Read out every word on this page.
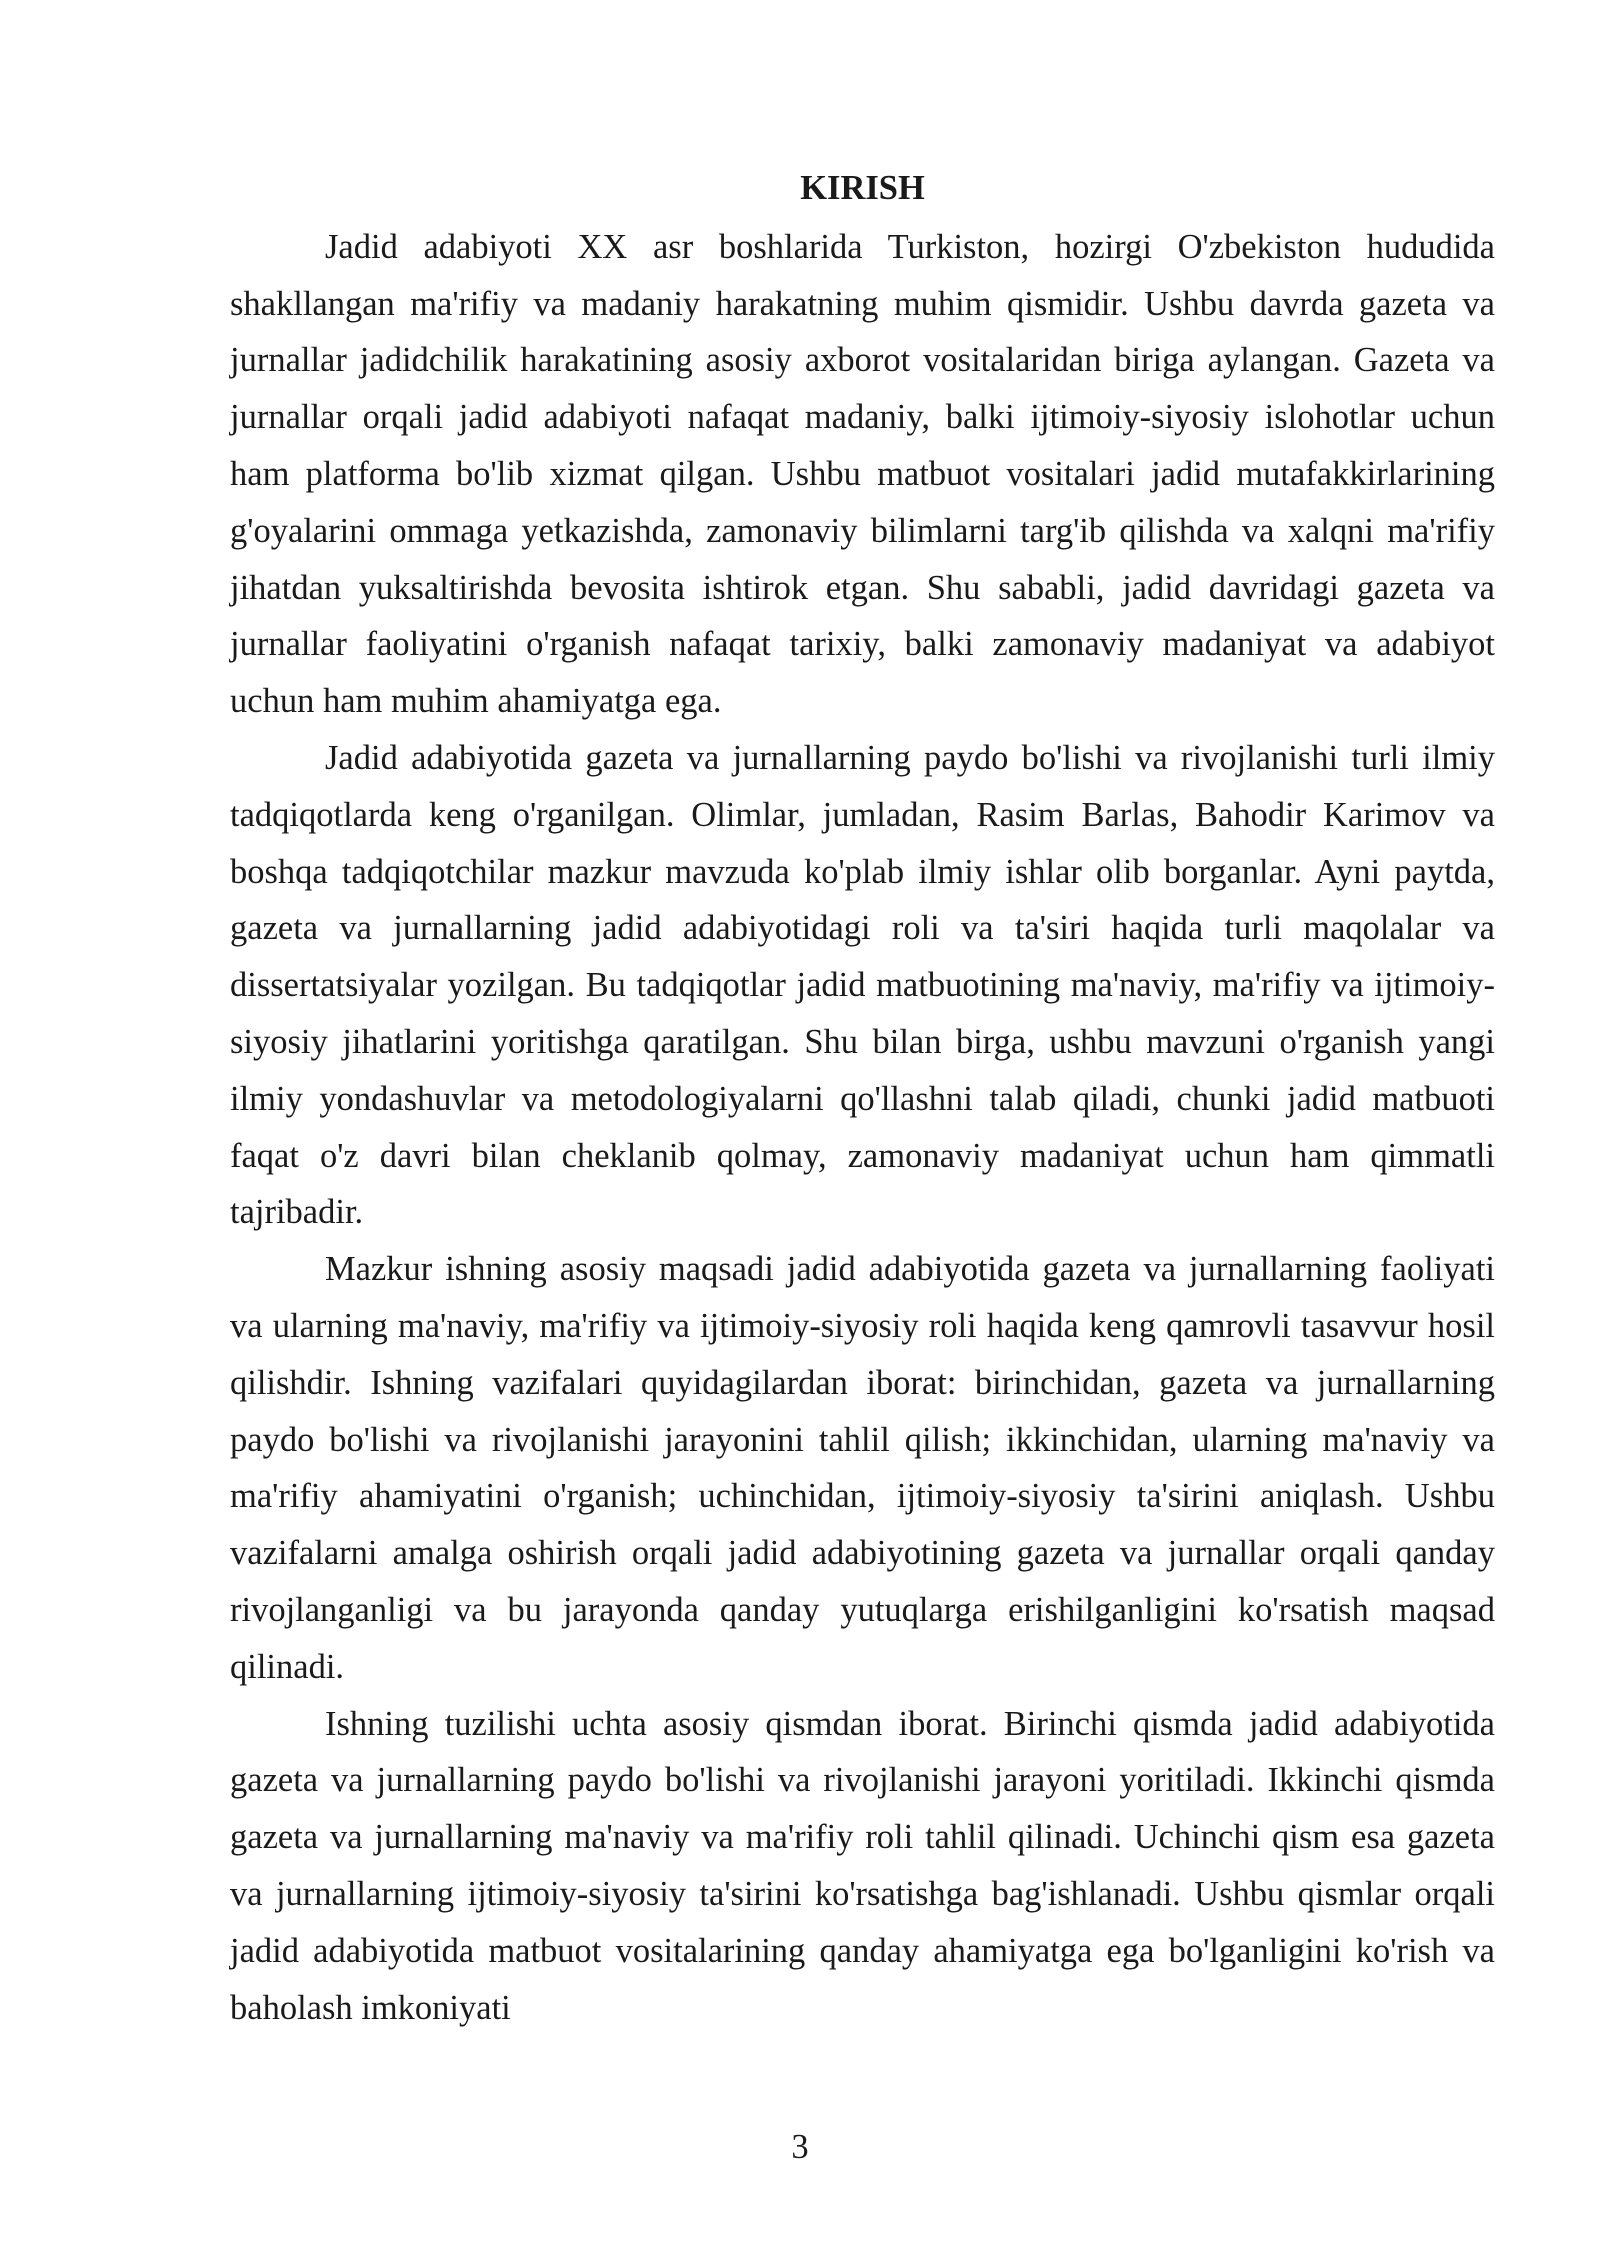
KIRISH

Jadid adabiyoti XX asr boshlarida Turkiston, hozirgi O'zbekiston hududida shakllangan ma'rifiy va madaniy harakatning muhim qismidir. Ushbu davrda gazeta va jurnallar jadidchilik harakatining asosiy axborot vositalaridan biriga aylangan. Gazeta va jurnallar orqali jadid adabiyoti nafaqat madaniy, balki ijtimoiy-siyosiy islohotlar uchun ham platforma bo'lib xizmat qilgan. Ushbu matbuot vositalari jadid mutafakkirlarining g'oyalarini ommaga yetkazishda, zamonaviy bilimlarni targ'ib qilishda va xalqni ma'rifiy jihatdan yuksaltirishda bevosita ishtirok etgan. Shu sababli, jadid davridagi gazeta va jurnallar faoliyatini o'rganish nafaqat tarixiy, balki zamonaviy madaniyat va adabiyot uchun ham muhim ahamiyatga ega.

Jadid adabiyotida gazeta va jurnallarning paydo bo'lishi va rivojlanishi turli ilmiy tadqiqotlarda keng o'rganilgan. Olimlar, jumladan, Rasim Barlas, Bahodir Karimov va boshqa tadqiqotchilar mazkur mavzuda ko'plab ilmiy ishlar olib borganlar. Ayni paytda, gazeta va jurnallarning jadid adabiyotidagi roli va ta'siri haqida turli maqolalar va dissertatsiyalar yozilgan. Bu tadqiqotlar jadid matbuotining ma'naviy, ma'rifiy va ijtimoiy-siyosiy jihatlarini yoritishga qaratilgan. Shu bilan birga, ushbu mavzuni o'rganish yangi ilmiy yondashuvlar va metodologiyalarni qo'llashni talab qiladi, chunki jadid matbuoti faqat o'z davri bilan cheklanib qolmay, zamonaviy madaniyat uchun ham qimmatli tajribadir.

Mazkur ishning asosiy maqsadi jadid adabiyotida gazeta va jurnallarning faoliyati va ularning ma'naviy, ma'rifiy va ijtimoiy-siyosiy roli haqida keng qamrovli tasavvur hosil qilishdir. Ishning vazifalari quyidagilardan iborat: birinchidan, gazeta va jurnallarning paydo bo'lishi va rivojlanishi jarayonini tahlil qilish; ikkinchidan, ularning ma'naviy va ma'rifiy ahamiyatini o'rganish; uchinchidan, ijtimoiy-siyosiy ta'sirini aniqlash. Ushbu vazifalarni amalga oshirish orqali jadid adabiyotining gazeta va jurnallar orqali qanday rivojlanganligi va bu jarayonda qanday yutuqlarga erishilganligini ko'rsatish maqsad qilinadi.

Ishning tuzilishi uchta asosiy qismdan iborat. Birinchi qismda jadid adabiyotida gazeta va jurnallarning paydo bo'lishi va rivojlanishi jarayoni yoritiladi. Ikkinchi qismda gazeta va jurnallarning ma'naviy va ma'rifiy roli tahlil qilinadi. Uchinchi qism esa gazeta va jurnallarning ijtimoiy-siyosiy ta'sirini ko'rsatishga bag'ishlanadi. Ushbu qismlar orqali jadid adabiyotida matbuot vositalarining qanday ahamiyatga ega bo'lganligini ko'rish va baholash imkoniyati

3
